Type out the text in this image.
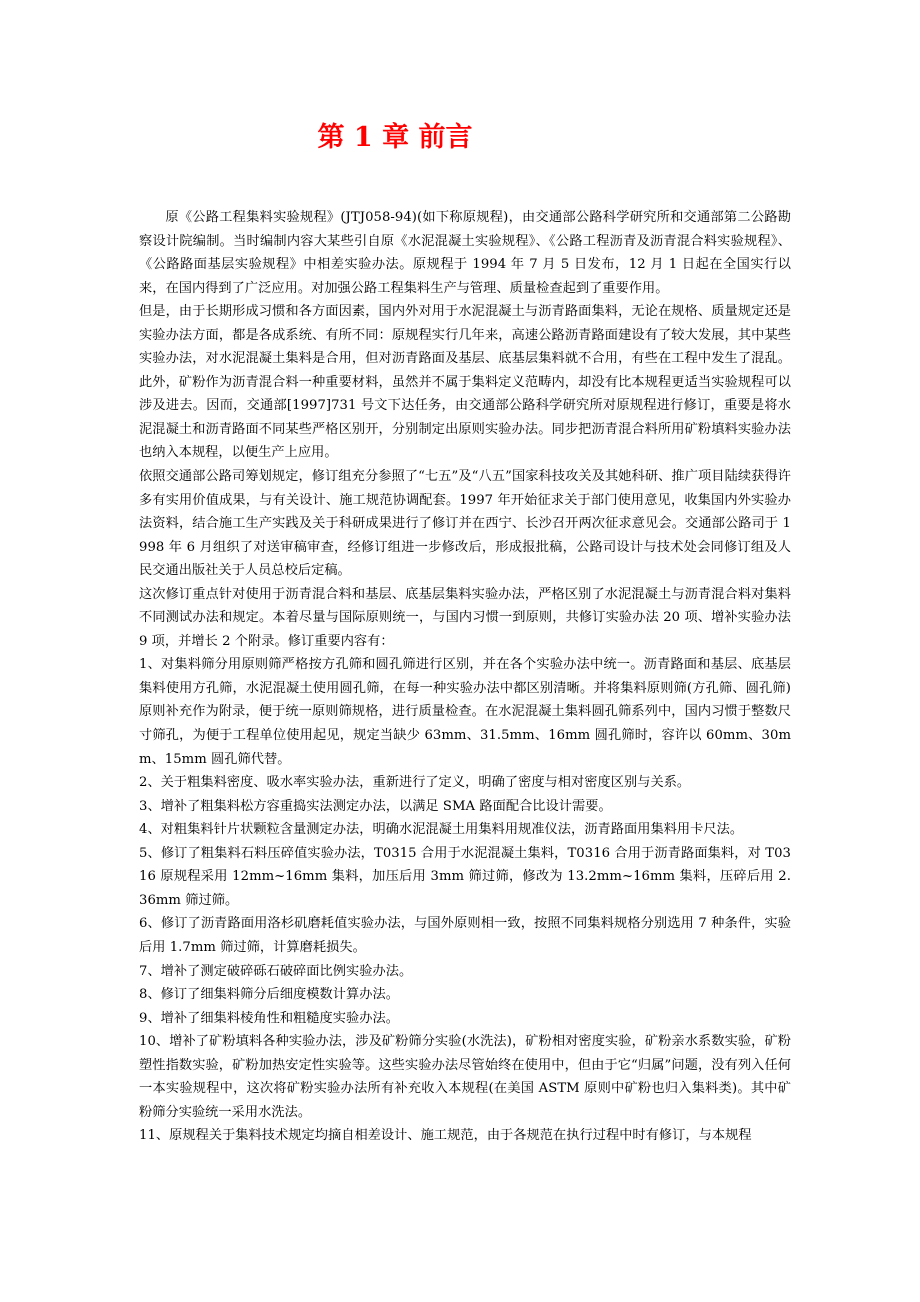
第 1 章 前言

原《公路工程集料实验规程》(JTJ058-94)(如下称原规程)，由交通部公路科学研究所和交通部第二公路勘察设计院编制。当时编制内容大某些引自原《水泥混凝土实验规程》、《公路工程沥青及沥青混合料实验规程》、《公路路面基层实验规程》中相差实验办法。原规程于 1994 年 7 月 5 日发布，12 月 1 日起在全国实行以来，在国内得到了广泛应用。对加强公路工程集料生产与管理、质量检查起到了重要作用。

但是，由于长期形成习惯和各方面因素，国内外对用于水泥混凝土与沥青路面集料，无论在规格、质量规定还是实验办法方面，都是各成系统、有所不同：原规程实行几年来，高速公路沥青路面建设有了较大发展，其中某些实验办法，对水泥混凝土集料是合用，但对沥青路面及基层、底基层集料就不合用，有些在工程中发生了混乱。此外，矿粉作为沥青混合料一种重要材料，虽然并不属于集料定义范畴内，却没有比本规程更适当实验规程可以涉及进去。因而，交通部[1997]731 号文下达任务，由交通部公路科学研究所对原规程进行修订，重要是将水泥混凝土和沥青路面不同某些严格区别开，分别制定出原则实验办法。同步把沥青混合料所用矿粉填料实验办法也纳入本规程，以便生产上应用。

依照交通部公路司筹划规定，修订组充分参照了“七五”及“八五”国家科技攻关及其她科研、推广项目陆续获得许多有实用价值成果，与有关设计、施工规范协调配套。1997 年开始征求关于部门使用意见，收集国内外实验办法资料，结合施工生产实践及关于科研成果进行了修订并在西宁、长沙召开两次征求意见会。交通部公路司于 1998 年 6 月组织了对送审稿审查，经修订组进一步修改后，形成报批稿，公路司设计与技术处会同修订组及人民交通出版社关于人员总校后定稿。

这次修订重点针对使用于沥青混合料和基层、底基层集料实验办法，严格区别了水泥混凝土与沥青混合料对集料不同测试办法和规定。本着尽量与国际原则统一，与国内习惯一到原则，共修订实验办法 20 项、增补实验办法 9 项，并增长 2 个附录。修订重要内容有：

1、对集料筛分用原则筛严格按方孔筛和圆孔筛进行区别，并在各个实验办法中统一。沥青路面和基层、底基层集料使用方孔筛，水泥混凝土使用圆孔筛，在每一种实验办法中都区别清晰。并将集料原则筛(方孔筛、圆孔筛)原则补充作为附录，便于统一原则筛规格，进行质量检查。在水泥混凝土集料圆孔筛系列中，国内习惯于整数尺寸筛孔，为便于工程单位使用起见，规定当缺少 63mm、31.5mm、16mm 圆孔筛时，容许以 60mm、30mm、15mm 圆孔筛代替。

2、关于粗集料密度、吸水率实验办法，重新进行了定义，明确了密度与相对密度区别与关系。

3、增补了粗集料松方容重捣实法测定办法，以满足 SMA 路面配合比设计需要。

4、对粗集料针片状颗粒含量测定办法，明确水泥混凝土用集料用规准仪法，沥青路面用集料用卡尺法。

5、修订了粗集料石料压碎值实验办法，T0315 合用于水泥混凝土集料，T0316 合用于沥青路面集料，对 T0316 原规程采用 12mm~16mm 集料，加压后用 3mm 筛过筛，修改为 13.2mm~16mm 集料，压碎后用 2.36mm 筛过筛。

6、修订了沥青路面用洛杉矶磨耗值实验办法，与国外原则相一致，按照不同集料规格分别选用 7 种条件，实验后用 1.7mm 筛过筛，计算磨耗损失。

7、增补了测定破碎砾石破碎面比例实验办法。

8、修订了细集料筛分后细度模数计算办法。

9、增补了细集料棱角性和粗糙度实验办法。

10、增补了矿粉填料各种实验办法，涉及矿粉筛分实验(水洗法)，矿粉相对密度实验，矿粉亲水系数实验，矿粉塑性指数实验，矿粉加热安定性实验等。这些实验办法尽管始终在使用中，但由于它“归属”问题，没有列入任何一本实验规程中，这次将矿粉实验办法所有补充收入本规程(在美国 ASTM 原则中矿粉也归入集料类)。其中矿粉筛分实验统一采用水洗法。

11、原规程关于集料技术规定均摘自相差设计、施工规范，由于各规范在执行过程中时有修订，与本规程
